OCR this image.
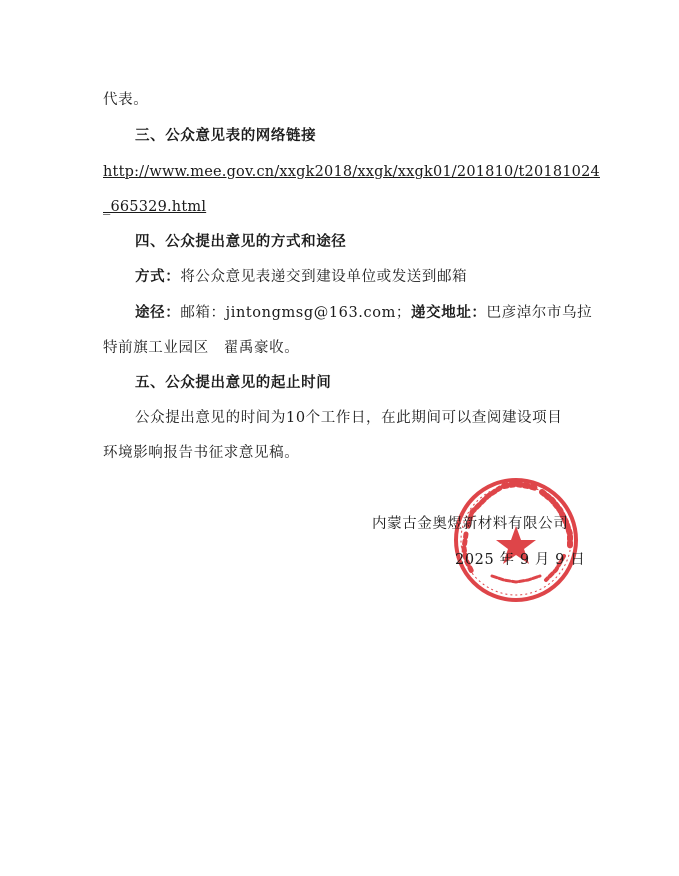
代表。
三、公众意见表的网络链接
http://www.mee.gov.cn/xxgk2018/xxgk/xxgk01/201810/t20181024
_665329.html
四、公众提出意见的方式和途径
方式：将公众意见表递交到建设单位或发送到邮箱
途径：邮箱：jintongmsg@163.com；递交地址：巴彦淖尔市乌拉
特前旗工业园区　翟禹豪收。
五、公众提出意见的起止时间
公众提出意见的时间为10个工作日，在此期间可以查阅建设项目
环境影响报告书征求意见稿。
内蒙古金奥煜新材料有限公司
2025 年 9 月 9 日
